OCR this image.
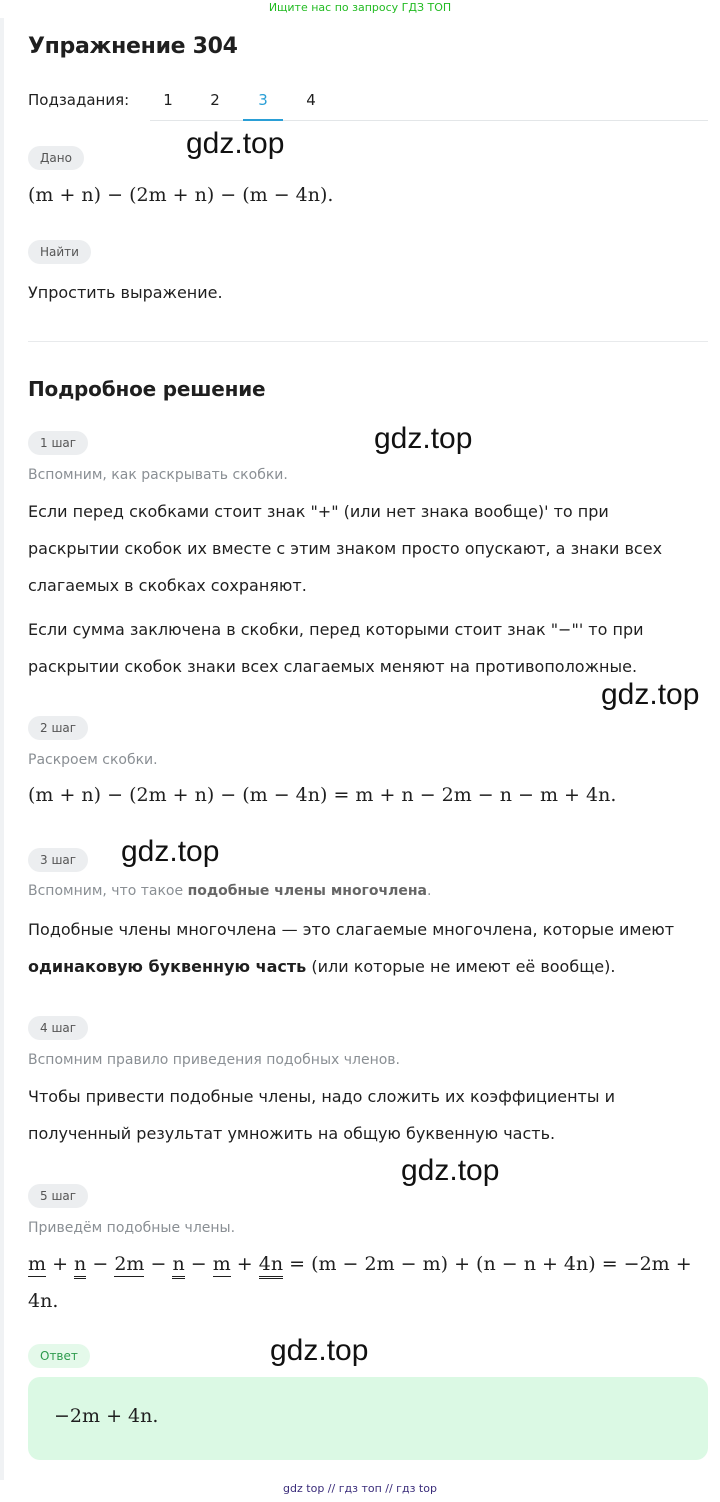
Ищите нас по запросу ГДЗ ТОП
Упражнение 304
Подзадания:	1	2	3	4
Дано	gdz.top
(m + n) − (2m + n) − (m − 4n).
Найти
Упростить выражение.
Подробное решение
1 шаг	gdz.top
Вспомним, как раскрывать скобки.
Если перед скобками стоит знак "+" (или нет знака вообще)' то при раскрытии скобок их вместе с этим знаком просто опускают, а знаки всех слагаемых в скобках сохраняют.
Если сумма заключена в скобки, перед которыми стоит знак "−"' то при раскрытии скобок знаки всех слагаемых меняют на противоположные.
gdz.top
2 шаг
Раскроем скобки.
(m + n) − (2m + n) − (m − 4n) = m + n − 2m − n − m + 4n.
3 шаг	gdz.top
Вспомним, что такое подобные члены многочлена.
Подобные члены многочлена — это слагаемые многочлена, которые имеют
одинаковую буквенную часть (или которые не имеют её вообще).
4 шаг
Вспомним правило приведения подобных членов.
Чтобы привести подобные члены, надо сложить их коэффициенты и полученный результат умножить на общую буквенную часть.
gdz.top
5 шаг
Приведём подобные члены.
m + n − 2m − n − m + 4n = (m − 2m − m) + (n − n + 4n) = −2m +
4n.
Ответ	gdz.top
−2m + 4n.
gdz top // гдз топ // гдз top
